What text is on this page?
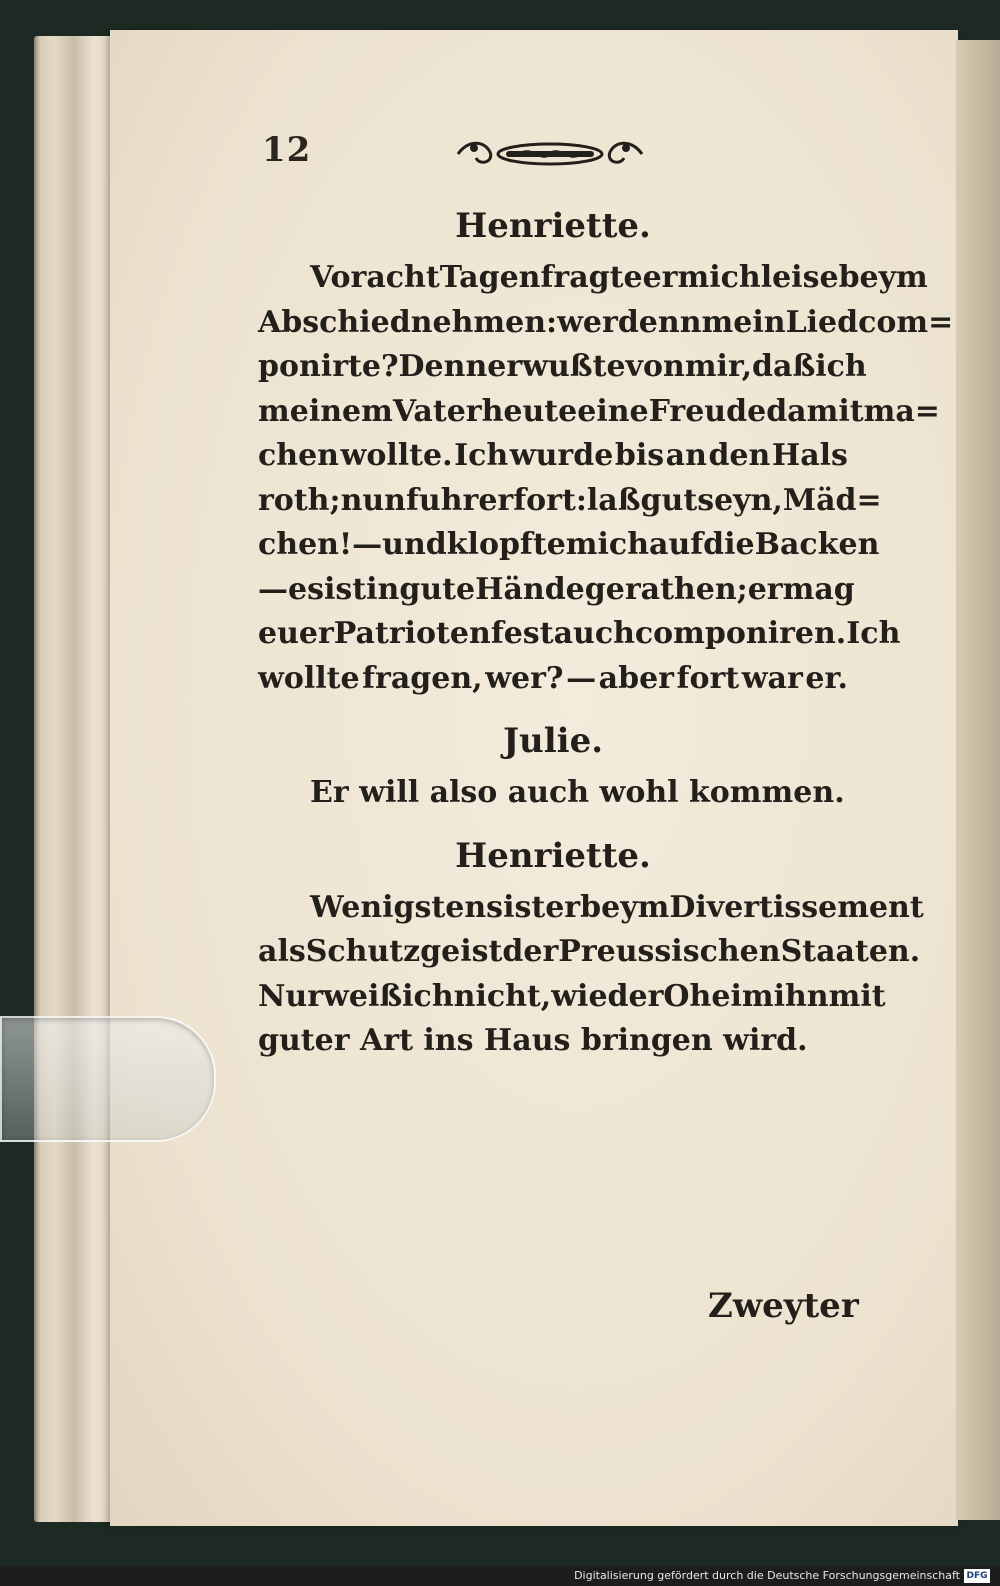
12

Henriette.

Vor acht Tagen fragte er mich leise beym

Abschiednehmen: wer denn mein Lied com=

ponirte? Denn er wußte von mir, daß ich

meinem Vater heute eine Freude damit ma=

chen wollte. Ich wurde bis an den Hals

roth; nun fuhr er fort: laß gut seyn, Mäd=

chen! — und klopfte mich auf die Backen

— es ist in gute Hände gerathen; er mag

euer Patriotenfest auch componiren. Ich

wollte fragen, wer? — aber fort war er.

Julie.

Er will also auch wohl kommen.

Henriette.

Wenigstens ist er beym Divertissement

als Schutzgeist der Preussischen Staaten.

Nur weiß ich nicht, wie der Oheim ihn mit

guter Art ins Haus bringen wird.

Zweyter
Digitalisierung gefördert durch die Deutsche Forschungsgemeinschaft DFG
